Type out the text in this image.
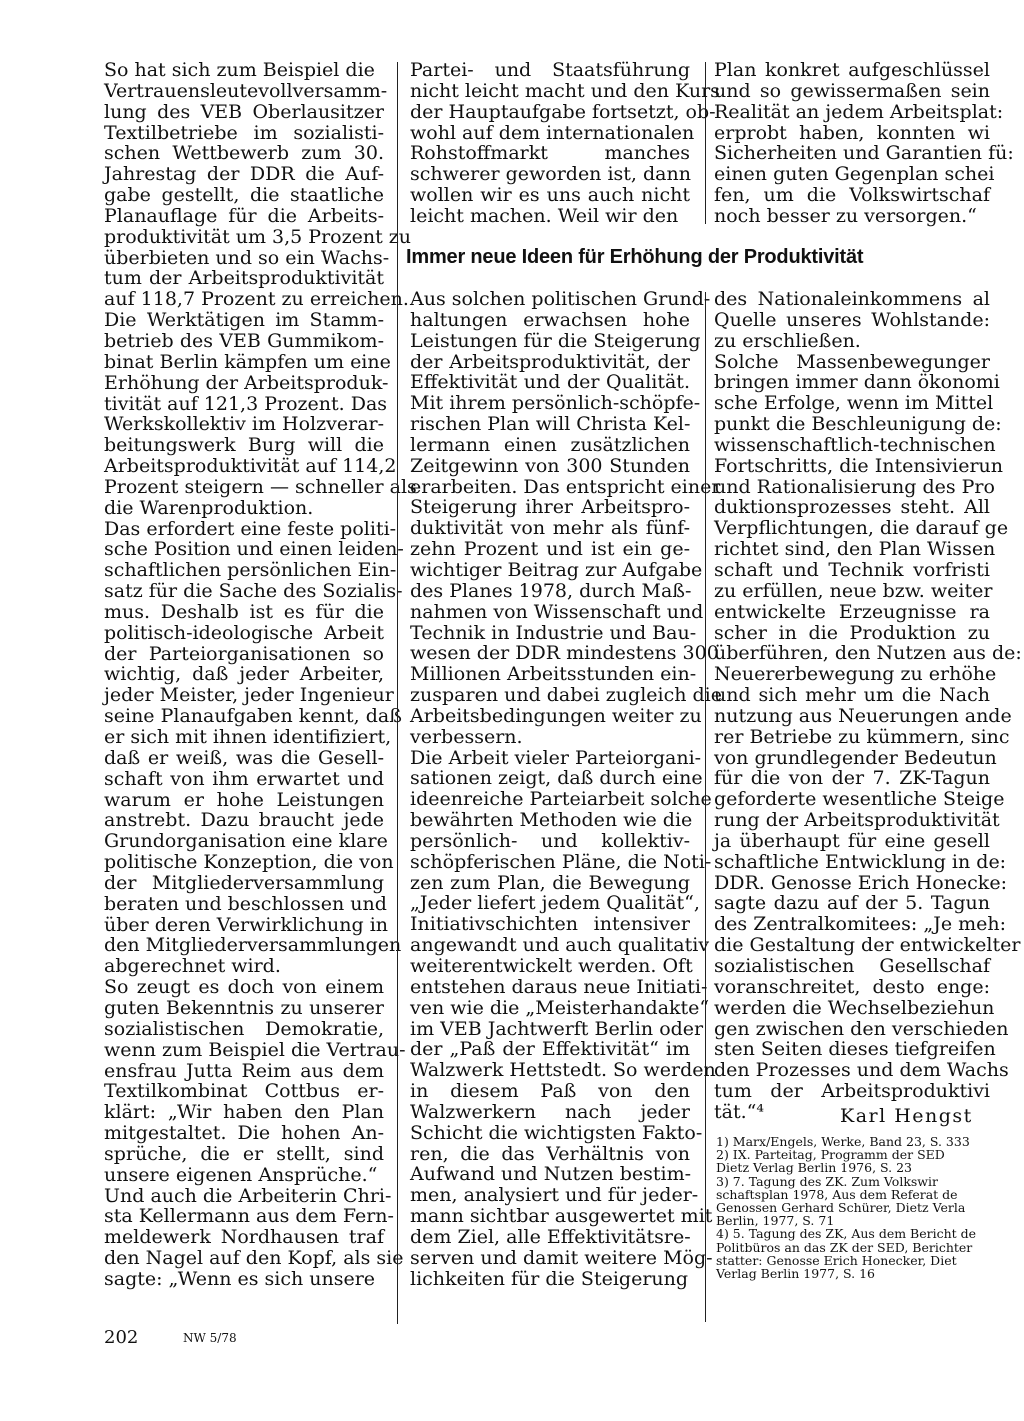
So hat sich zum Beispiel die
Vertrauensleutevollversamm-
lung des VEB Oberlausitzer
Textilbetriebe im sozialisti-
schen Wettbewerb zum 30.
Jahrestag der DDR die Auf-
gabe gestellt, die staatliche
Planauflage für die Arbeits-
produktivität um 3,5 Prozent zu
überbieten und so ein Wachs-
tum der Arbeitsproduktivität
auf 118,7 Prozent zu erreichen.
Die Werktätigen im Stamm-
betrieb des VEB Gummikom-
binat Berlin kämpfen um eine
Erhöhung der Arbeitsproduk-
tivität auf 121,3 Prozent. Das
Werkskollektiv im Holzverar-
beitungswerk Burg will die
Arbeitsproduktivität auf 114,2
Prozent steigern — schneller als
die Warenproduktion.
Das erfordert eine feste politi-
sche Position und einen leiden-
schaftlichen persönlichen Ein-
satz für die Sache des Sozialis-
mus. Deshalb ist es für die
politisch-ideologische Arbeit
der Parteiorganisationen so
wichtig, daß jeder Arbeiter,
jeder Meister, jeder Ingenieur
seine Planaufgaben kennt, daß
er sich mit ihnen identifiziert,
daß er weiß, was die Gesell-
schaft von ihm erwartet und
warum er hohe Leistungen
anstrebt. Dazu braucht jede
Grundorganisation eine klare
politische Konzeption, die von
der Mitgliederversammlung
beraten und beschlossen und
über deren Verwirklichung in
den Mitgliederversammlungen
abgerechnet wird.
So zeugt es doch von einem
guten Bekenntnis zu unserer
sozialistischen Demokratie,
wenn zum Beispiel die Vertrau-
ensfrau Jutta Reim aus dem
Textilkombinat Cottbus er-
klärt: „Wir haben den Plan
mitgestaltet. Die hohen An-
sprüche, die er stellt, sind
unsere eigenen Ansprüche.“
Und auch die Arbeiterin Chri-
sta Kellermann aus dem Fern-
meldewerk Nordhausen traf
den Nagel auf den Kopf, als sie
sagte: „Wenn es sich unsere
Partei- und Staatsführung
nicht leicht macht und den Kurs
der Hauptaufgabe fortsetzt, ob-
wohl auf dem internationalen
Rohstoffmarkt manches
schwerer geworden ist, dann
wollen wir es uns auch nicht
leicht machen. Weil wir den
Plan konkret aufgeschlüssel
und so gewissermaßen sein
Realität an jedem Arbeitsplat:
erprobt haben, konnten wi
Sicherheiten und Garantien fü:
einen guten Gegenplan schei
fen, um die Volkswirtschaf
noch besser zu versorgen.“
Immer neue Ideen für Erhöhung der Produktivität
Aus solchen politischen Grund-
haltungen erwachsen hohe
Leistungen für die Steigerung
der Arbeitsproduktivität, der
Effektivität und der Qualität.
Mit ihrem persönlich-schöpfe-
rischen Plan will Christa Kel-
lermann einen zusätzlichen
Zeitgewinn von 300 Stunden
erarbeiten. Das entspricht einer
Steigerung ihrer Arbeitspro-
duktivität von mehr als fünf-
zehn Prozent und ist ein ge-
wichtiger Beitrag zur Aufgabe
des Planes 1978, durch Maß-
nahmen von Wissenschaft und
Technik in Industrie und Bau-
wesen der DDR mindestens 300
Millionen Arbeitsstunden ein-
zusparen und dabei zugleich die
Arbeitsbedingungen weiter zu
verbessern.
Die Arbeit vieler Parteiorgani-
sationen zeigt, daß durch eine
ideenreiche Parteiarbeit solche
bewährten Methoden wie die
persönlich- und kollektiv-
schöpferischen Pläne, die Noti-
zen zum Plan, die Bewegung
„Jeder liefert jedem Qualität“,
Initiativschichten intensiver
angewandt und auch qualitativ
weiterentwickelt werden. Oft
entstehen daraus neue Initiati-
ven wie die „Meisterhandakte“
im VEB Jachtwerft Berlin oder
der „Paß der Effektivität“ im
Walzwerk Hettstedt. So werden
in diesem Paß von den
Walzwerkern nach jeder
Schicht die wichtigsten Fakto-
ren, die das Verhältnis von
Aufwand und Nutzen bestim-
men, analysiert und für jeder-
mann sichtbar ausgewertet mit
dem Ziel, alle Effektivitätsre-
serven und damit weitere Mög-
lichkeiten für die Steigerung
des Nationaleinkommens al
Quelle unseres Wohlstande:
zu erschließen.
Solche Massenbewegunger
bringen immer dann ökonomi
sche Erfolge, wenn im Mittel
punkt die Beschleunigung de:
wissenschaftlich-technischen
Fortschritts, die Intensivierun
und Rationalisierung des Pro
duktionsprozesses steht. All
Verpflichtungen, die darauf ge
richtet sind, den Plan Wissen
schaft und Technik vorfristi
zu erfüllen, neue bzw. weiter
entwickelte Erzeugnisse ra
scher in die Produktion zu
überführen, den Nutzen aus de:
Neuererbewegung zu erhöhe
und sich mehr um die Nach
nutzung aus Neuerungen ande
rer Betriebe zu kümmern, sinc
von grundlegender Bedeutun
für die von der 7. ZK-Tagun
geforderte wesentliche Steige
rung der Arbeitsproduktivität
ja überhaupt für eine gesell
schaftliche Entwicklung in de:
DDR. Genosse Erich Honecke:
sagte dazu auf der 5. Tagun
des Zentralkomitees: „Je meh:
die Gestaltung der entwickelter
sozialistischen Gesellschaf
voranschreitet, desto enge:
werden die Wechselbeziehun
gen zwischen den verschieden
sten Seiten dieses tiefgreifen
den Prozesses und dem Wachs
tum der Arbeitsproduktivi
tät.“⁴	Karl Hengst
1) Marx/Engels, Werke, Band 23, S. 333
2) IX. Parteitag, Programm der SED
Dietz Verlag Berlin 1976, S. 23
3) 7. Tagung des ZK. Zum Volkswir
schaftsplan 1978, Aus dem Referat de
Genossen Gerhard Schürer, Dietz Verla
Berlin, 1977, S. 71
4) 5. Tagung des ZK, Aus dem Bericht de
Politbüros an das ZK der SED, Berichter
statter: Genosse Erich Honecker, Diet
Verlag Berlin 1977, S. 16
202	NW 5/78
